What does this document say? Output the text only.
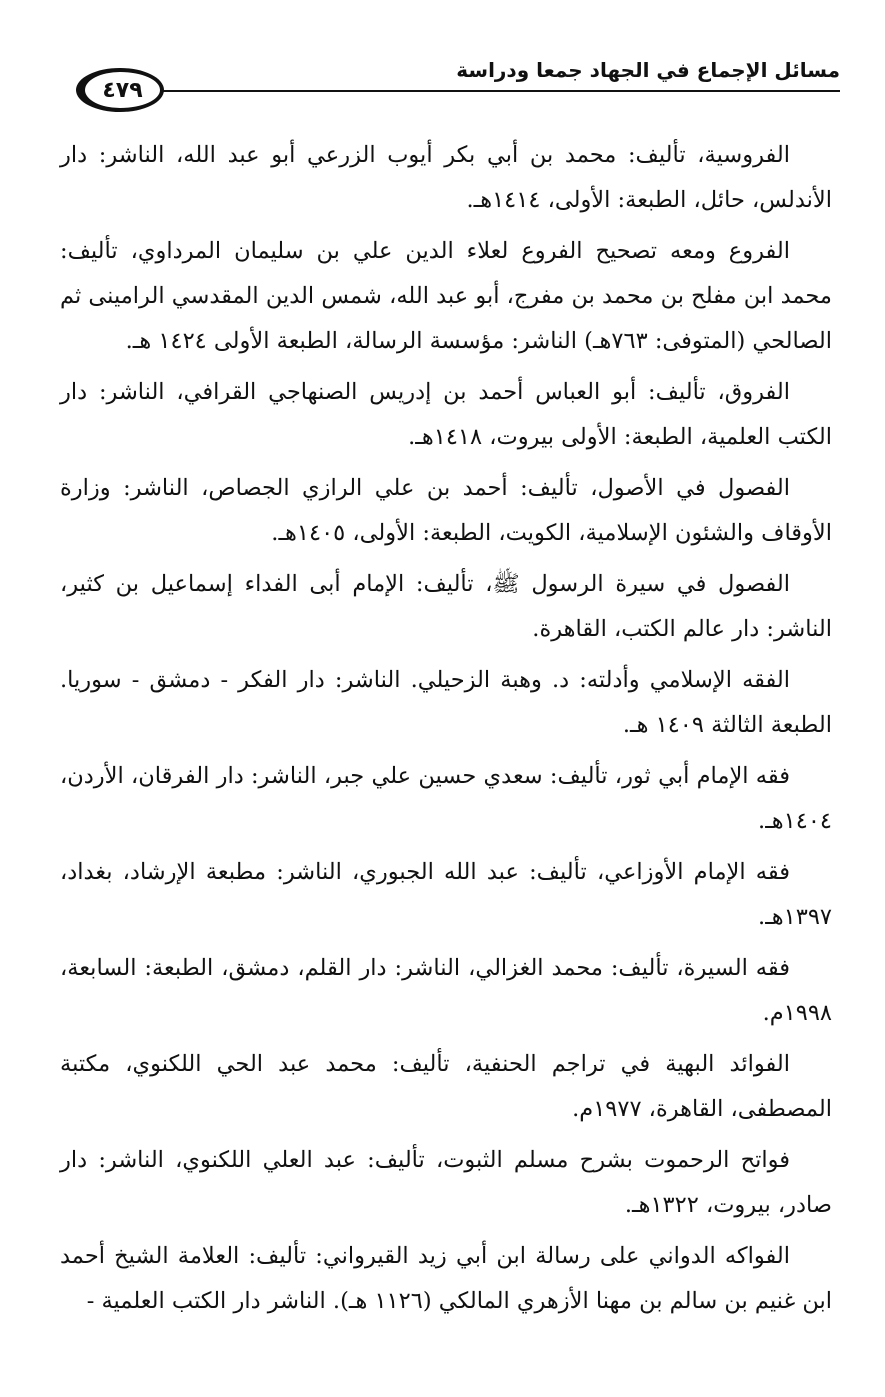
مسائل الإجماع في الجهاد جمعا ودراسة
٤٧٩

الفروسية، تأليف: محمد بن أبي بكر أيوب الزرعي أبو عبد الله، الناشر: دار الأندلس، حائل، الطبعة: الأولى، ١٤١٤هـ.

الفروع ومعه تصحيح الفروع لعلاء الدين علي بن سليمان المرداوي، تأليف: محمد ابن مفلح بن محمد بن مفرج، أبو عبد الله، شمس الدين المقدسي الرامينى ثم الصالحي (المتوفى: ٧٦٣هـ) الناشر: مؤسسة الرسالة، الطبعة الأولى ١٤٢٤ هـ.

الفروق، تأليف: أبو العباس أحمد بن إدريس الصنهاجي القرافي، الناشر: دار الكتب العلمية، الطبعة: الأولى بيروت، ١٤١٨هـ.

الفصول في الأصول، تأليف: أحمد بن علي الرازي الجصاص، الناشر: وزارة الأوقاف والشئون الإسلامية، الكويت، الطبعة: الأولى، ١٤٠٥هـ.

الفصول في سيرة الرسول ﷺ، تأليف: الإمام أبى الفداء إسماعيل بن كثير، الناشر: دار عالم الكتب، القاهرة.

الفقه الإسلامي وأدلته: د. وهبة الزحيلي. الناشر: دار الفكر - دمشق - سوريا. الطبعة الثالثة ١٤٠٩ هـ.

فقه الإمام أبي ثور، تأليف: سعدي حسين علي جبر، الناشر: دار الفرقان، الأردن، ١٤٠٤هـ.

فقه الإمام الأوزاعي، تأليف: عبد الله الجبوري، الناشر: مطبعة الإرشاد، بغداد، ١٣٩٧هـ.

فقه السيرة، تأليف: محمد الغزالي، الناشر: دار القلم، دمشق، الطبعة: السابعة، ١٩٩٨م.

الفوائد البهية في تراجم الحنفية، تأليف: محمد عبد الحي اللكنوي، مكتبة المصطفى، القاهرة، ١٩٧٧م.

فواتح الرحموت بشرح مسلم الثبوت، تأليف: عبد العلي اللكنوي، الناشر: دار صادر، بيروت، ١٣٢٢هـ.

الفواكه الدواني على رسالة ابن أبي زيد القيرواني: تأليف: العلامة الشيخ أحمد ابن غنيم بن سالم بن مهنا الأزهري المالكي (١١٢٦ هـ). الناشر دار الكتب العلمية -
